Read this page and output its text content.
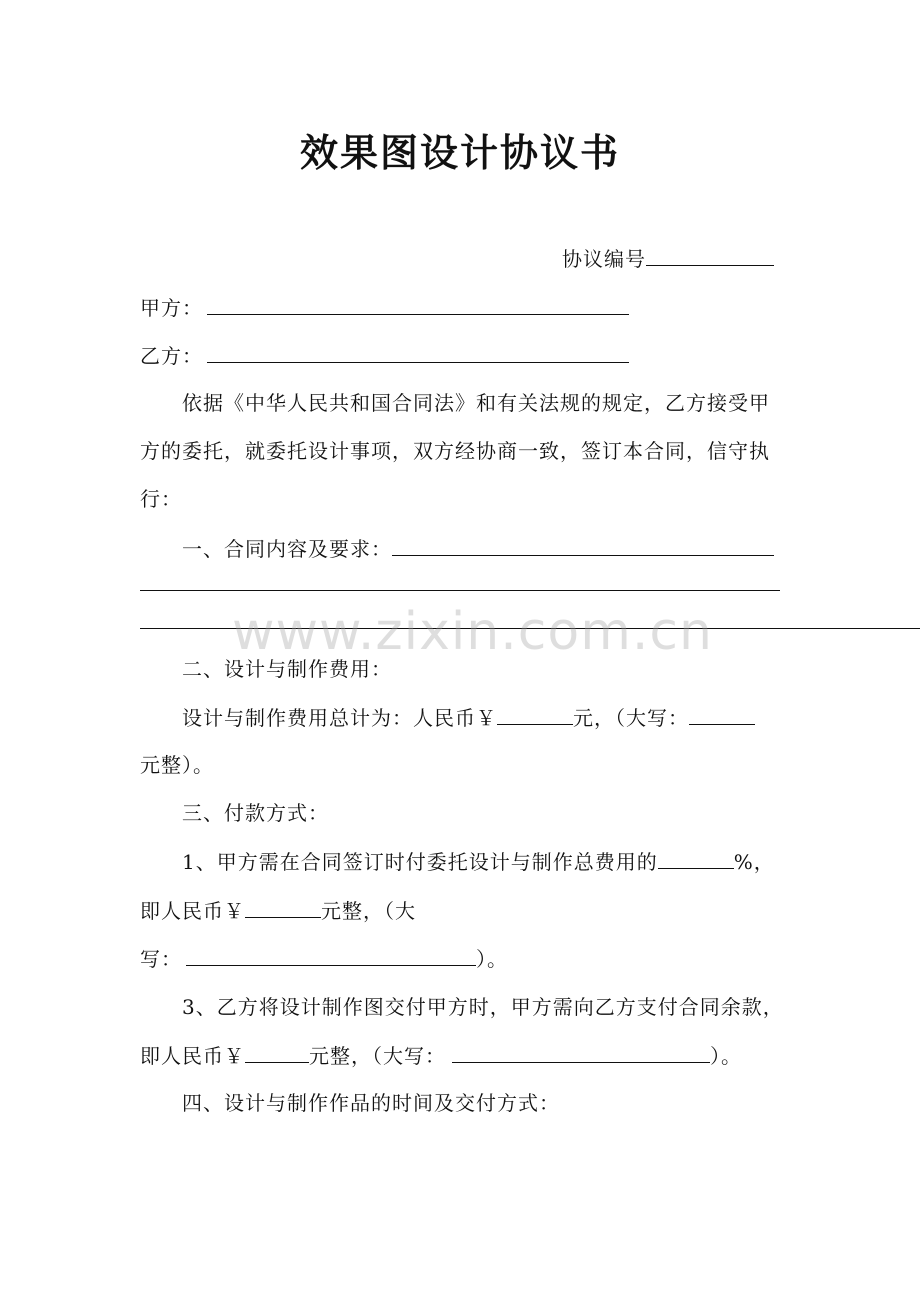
效果图设计协议书
协议编号
甲方：
乙方：
依据《中华人民共和国合同法》和有关法规的规定，乙方接受甲
方的委托，就委托设计事项，双方经协商一致，签订本合同，信守执
行：
一、合同内容及要求：
www.zixin.com.cn
二、设计与制作费用：
设计与制作费用总计为：人民币￥	元，（大写：
元整）。
三、付款方式：
1、甲方需在合同签订时付委托设计与制作总费用的	%，
即人民币￥	元整，（大
写：	）。
3、乙方将设计制作图交付甲方时，甲方需向乙方支付合同余款，
即人民币￥	元整，（大写：	）。
四、设计与制作作品的时间及交付方式：
